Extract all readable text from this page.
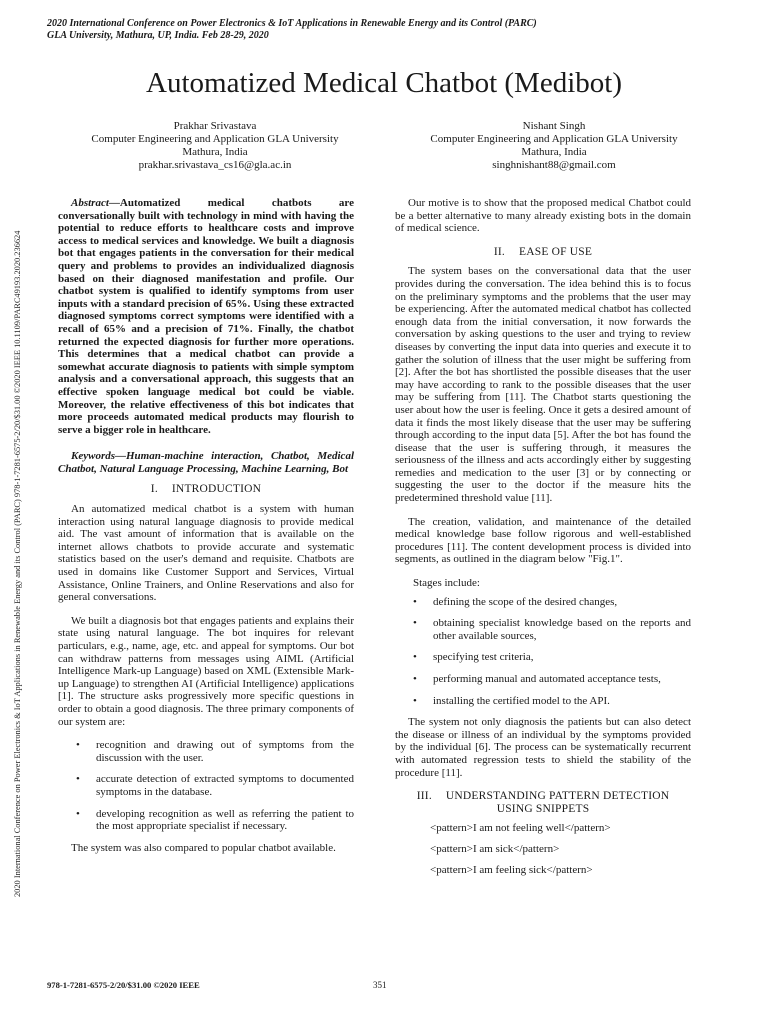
2020 International Conference on Power Electronics & IoT Applications in Renewable Energy and its Control (PARC)
GLA University, Mathura, UP, India. Feb 28-29, 2020
2020 International Conference on Power Electronics & IoT Applications in Renewable Energy and its Control (PARC) 978-1-7281-6575-2/20/$31.00 ©2020 IEEE 10.1109/PARC49193.2020.236624
Automatized Medical Chatbot (Medibot)
Prakhar Srivastava
Computer Engineering and Application GLA University
Mathura, India
prakhar.srivastava_cs16@gla.ac.in
Nishant Singh
Computer Engineering and Application GLA University
Mathura, India
singhnishant88@gmail.com

Abstract—Automatized medical chatbots are conversationally built with technology in mind with having the potential to reduce efforts to healthcare costs and improve access to medical services and knowledge. We built a diagnosis bot that engages patients in the conversation for their medical query and problems to provides an individualized diagnosis based on their diagnosed manifestation and profile. Our chatbot system is qualified to identify symptoms from user inputs with a standard precision of 65%. Using these extracted diagnosed symptoms correct symptoms were identified with a recall of 65% and a precision of 71%. Finally, the chatbot returned the expected diagnosis for further more operations. This determines that a medical chatbot can provide a somewhat accurate diagnosis to patients with simple symptom analysis and a conversational approach, this suggests that an effective spoken language medical bot could be viable. Moreover, the relative effectiveness of this bot indicates that more proceeds automated medical products may flourish to serve a bigger role in healthcare.

Keywords—Human-machine interaction, Chatbot, Medical Chatbot, Natural Language Processing, Machine Learning, Bot

I. INTRODUCTION

An automatized medical chatbot is a system with human interaction using natural language diagnosis to provide medical aid. The vast amount of information that is available on the internet allows chatbots to provide accurate and systematic statistics based on the user's demand and requisite. Chatbots are used in domains like Customer Support and Services, Virtual Assistance, Online Trainers, and Online Reservations and also for general conversations.

We built a diagnosis bot that engages patients and explains their state using natural language. The bot inquires for relevant particulars, e.g., name, age, etc. and appeal for symptoms. Our bot can withdraw patterns from messages using AIML (Artificial Intelligence Mark-up Language) based on XML (Extensible Mark-up Language) to strengthen AI (Artificial Intelligence) applications [1]. The structure asks progressively more specific questions in order to obtain a good diagnosis. The three primary components of our system are:

• recognition and drawing out of symptoms from the discussion with the user.
• accurate detection of extracted symptoms to documented symptoms in the database.
• developing recognition as well as referring the patient to the most appropriate specialist if necessary.

The system was also compared to popular chatbot available.

Our motive is to show that the proposed medical Chatbot could be a better alternative to many already existing bots in the domain of medical science.

II. EASE OF USE

The system bases on the conversational data that the user provides during the conversation. The idea behind this is to focus on the preliminary symptoms and the problems that the user may be experiencing. After the automated medical chatbot has collected enough data from the initial conversation, it now forwards the conversation by asking questions to the user and trying to review diseases by converting the input data into queries and execute it to gather the solution of illness that the user might be suffering from [2]. After the bot has shortlisted the possible diseases that the user may have according to rank to the possible diseases that the user may be suffering from [11]. The Chatbot starts questioning the user about how the user is feeling. Once it gets a desired amount of data it finds the most likely disease that the user may be suffering through according to the input data [5]. After the bot has found the disease that the user is suffering through, it measures the seriousness of the illness and acts accordingly either by suggesting remedies and medication to the user [3] or by connecting or suggesting the user to the doctor if the measure hits the predetermined threshold value [11].

The creation, validation, and maintenance of the detailed medical knowledge base follow rigorous and well-established procedures [11]. The content development process is divided into segments, as outlined in the diagram below "Fig.1".

Stages include:
• defining the scope of the desired changes,
• obtaining specialist knowledge based on the reports and other available sources,
• specifying test criteria,
• performing manual and automated acceptance tests,
• installing the certified model to the API.

The system not only diagnosis the patients but can also detect the disease or illness of an individual by the symptoms provided by the individual [6]. The process can be systematically recurrent with automated regression tests to shield the stability of the procedure [11].

III. UNDERSTANDING PATTERN DETECTION
USING SNIPPETS
<pattern>I am not feeling well</pattern>
<pattern>I am sick</pattern>
<pattern>I am feeling sick</pattern>
978-1-7281-6575-2/20/$31.00 ©2020 IEEE	351
